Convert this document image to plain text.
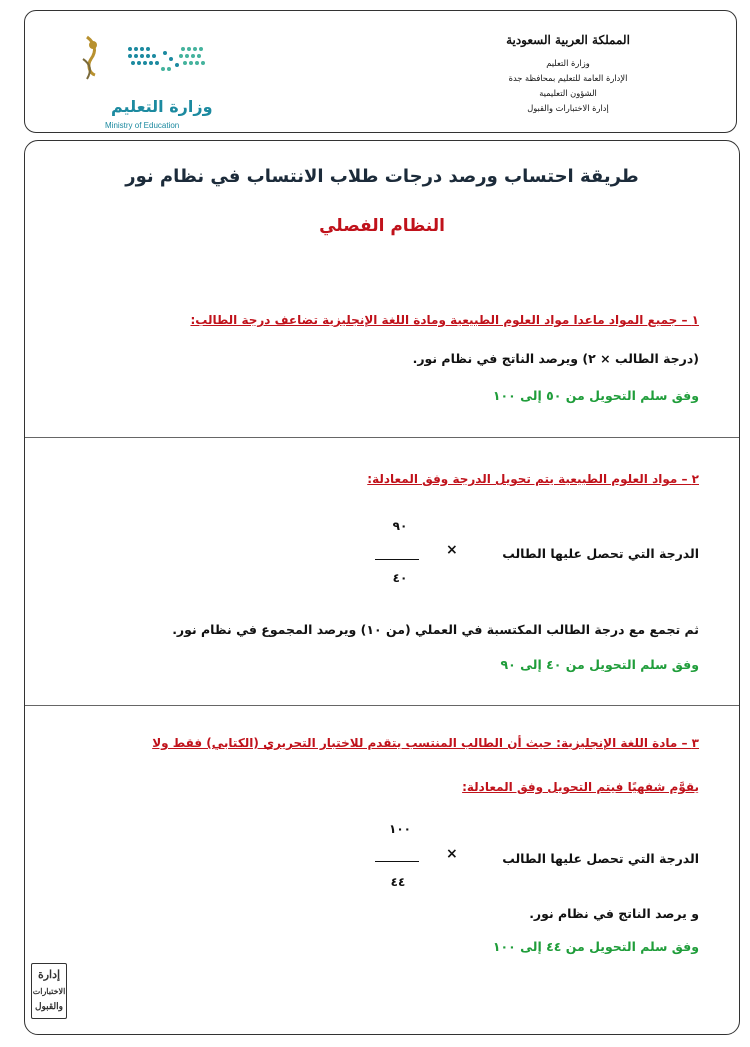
وزارة التعليم
Ministry of Education
المملكة العربية السعودية
وزارة التعليم
الإدارة العامة للتعليم بمحافظة جدة
الشؤون التعليمية
إدارة الاختبارات والقبول
طريقة احتساب ورصد درجات طلاب الانتساب في نظام نور
النظام الفصلي
١ – جميع المواد ماعدا مواد العلوم الطبيعية ومادة اللغة الإنجليزية تضاعف درجة الطالب:
(درجة الطالب × ٢) ويرصد الناتج في نظام نور.
وفق سلم التحويل من ٥٠ إلى ١٠٠
٢ – مواد العلوم الطبيعية يتم تحويل الدرجة وفق المعادلة:
٩٠
٤٠
×	الدرجة التي تحصل عليها الطالب
ثم تجمع مع درجة الطالب المكتسبة في العملي (من ١٠) ويرصد المجموع في نظام نور.
وفق سلم التحويل من ٤٠ إلى ٩٠
٣ – مادة اللغة الإنجليزية: حيث أن الطالب المنتسب يتقدم للاختبار التحريري (الكتابي) فقط ولا
يقوَّم شفهيًا فيتم التحويل وفق المعادلة:
١٠٠
٤٤
×	الدرجة التي تحصل عليها الطالب
و يرصد الناتج في نظام نور.
وفق سلم التحويل من ٤٤ إلى ١٠٠
إدارة
الاختبارات
والقبول
